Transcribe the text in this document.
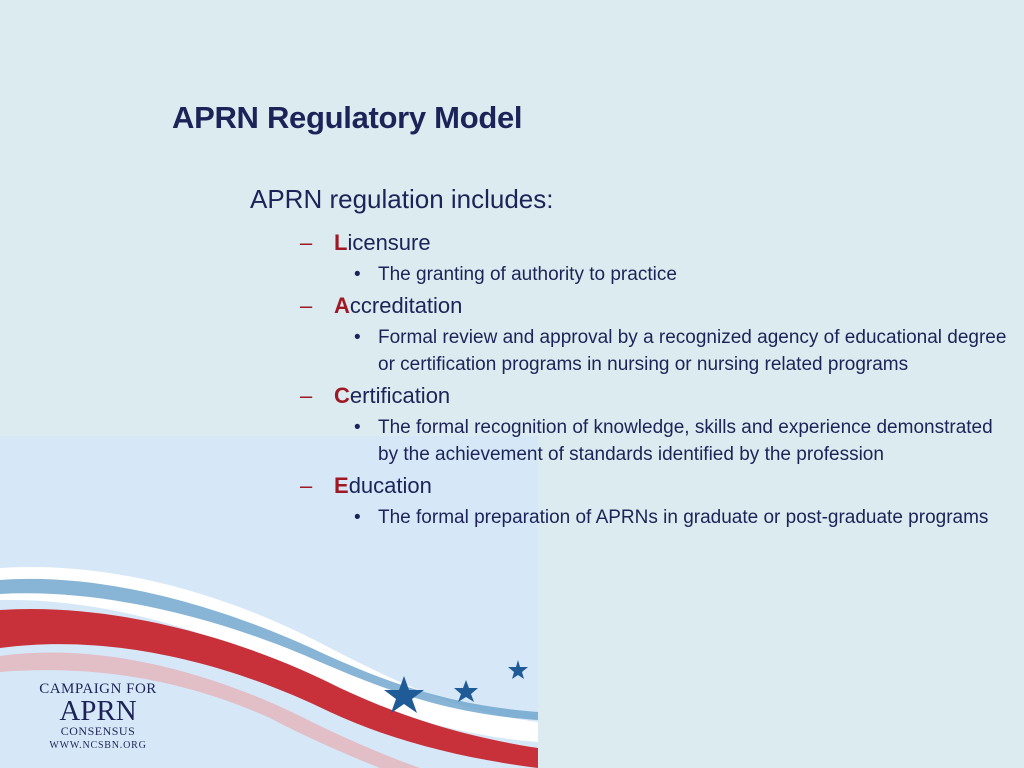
APRN Regulatory Model

APRN regulation includes:

– Licensure
• The granting of authority to practice
– Accreditation
• Formal review and approval by a recognized agency of educational degree or certification programs in nursing or nursing related programs
– Certification
• The formal recognition of knowledge, skills and experience demonstrated by the achievement of standards identified by the profession
– Education
• The formal preparation of APRNs in graduate or post-graduate programs
CAMPAIGN FOR
APRN
CONSENSUS
WWW.NCSBN.ORG
